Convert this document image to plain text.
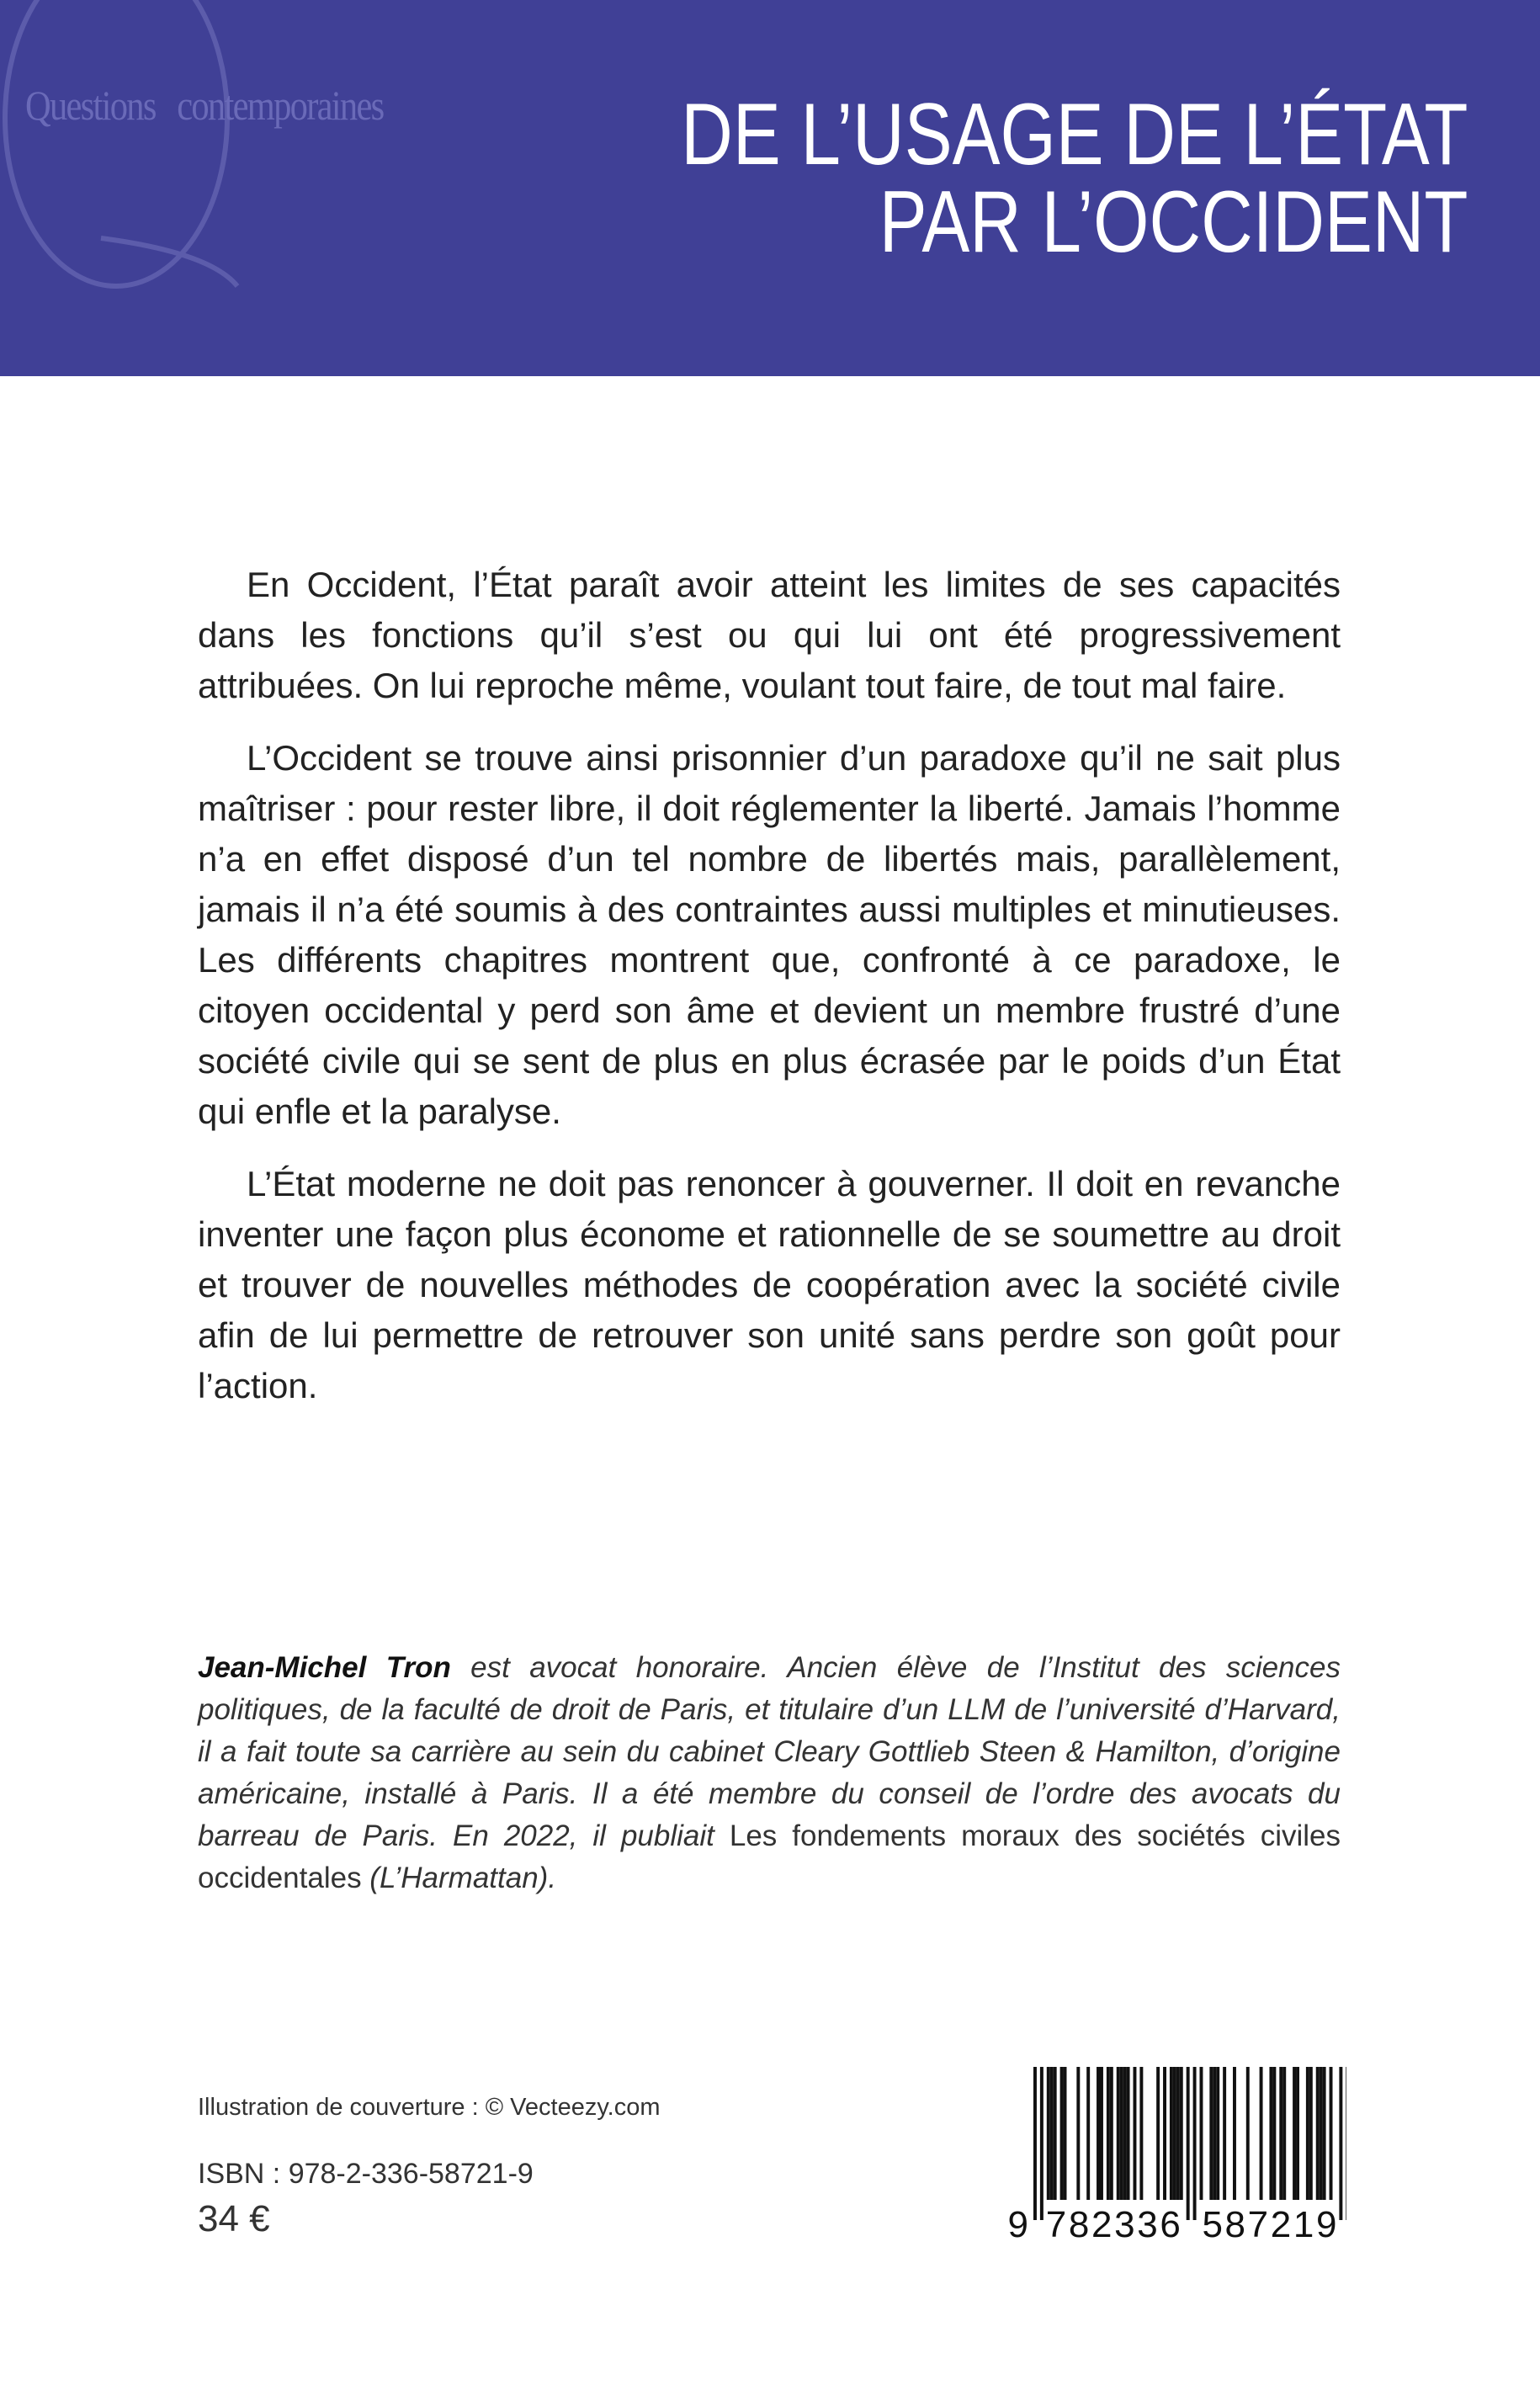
Questions contemporaines	DE L’USAGE DE L’ÉTAT
PAR L’OCCIDENT

En Occident, l’État paraît avoir atteint les limites de ses capacités dans les fonctions qu’il s’est ou qui lui ont été progressivement attribuées. On lui reproche même, voulant tout faire, de tout mal faire.

L’Occident se trouve ainsi prisonnier d’un paradoxe qu’il ne sait plus maîtriser : pour rester libre, il doit réglementer la liberté. Jamais l’homme n’a en effet disposé d’un tel nombre de libertés mais, parallèlement, jamais il n’a été soumis à des contraintes aussi multiples et minutieuses. Les différents chapitres montrent que, confronté à ce paradoxe, le citoyen occidental y perd son âme et devient un membre frustré d’une société civile qui se sent de plus en plus écrasée par le poids d’un État qui enfle et la paralyse.

L’État moderne ne doit pas renoncer à gouverner. Il doit en revanche inventer une façon plus économe et rationnelle de se soumettre au droit et trouver de nouvelles méthodes de coopération avec la société civile afin de lui permettre de retrouver son unité sans perdre son goût pour l’action.

Jean-Michel Tron est avocat honoraire. Ancien élève de l’Institut des sciences politiques, de la faculté de droit de Paris, et titulaire d’un LLM de l’université d’Harvard, il a fait toute sa carrière au sein du cabinet Cleary Gottlieb Steen & Hamilton, d’origine américaine, installé à Paris. Il a été membre du conseil de l’ordre des avocats du barreau de Paris. En 2022, il publiait Les fondements moraux des sociétés civiles occidentales (L’Harmattan).
Illustration de couverture : © Vecteezy.com
ISBN : 978-2-336-58721-9
34 €	9 782336 587219
